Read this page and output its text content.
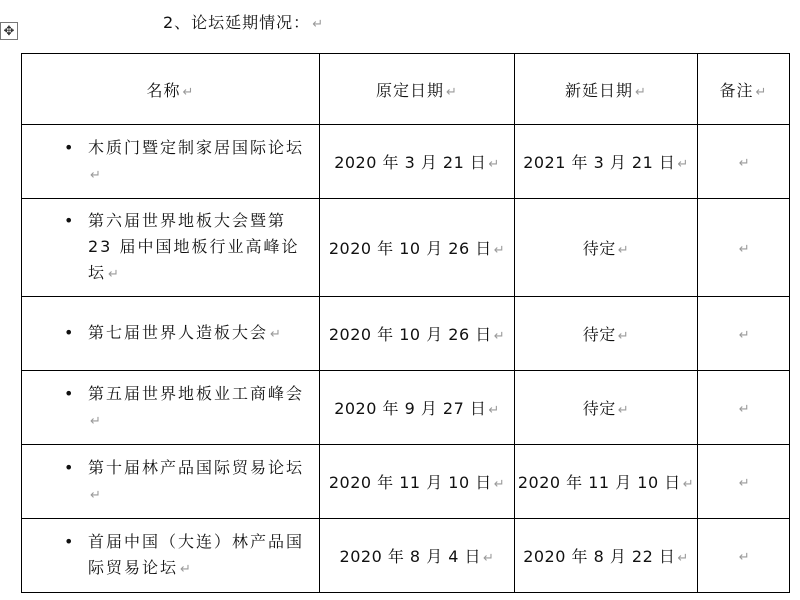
2、论坛延期情况： ↵
✥
名称 ↵	原定日期 ↵	新延日期 ↵	备注 ↵
• 木质门暨定制家居国际论坛↵	2020 年 3 月 21 日 ↵	2021 年 3 月 21 日 ↵	↵
• 第六届世界地板大会暨第 23 届中国地板行业高峰论坛 ↵	2020 年 10 月 26 日 ↵	待定 ↵	↵
• 第七届世界人造板大会 ↵	2020 年 10 月 26 日 ↵	待定 ↵	↵
• 第五届世界地板业工商峰会↵	2020 年 9 月 27 日 ↵	待定 ↵	↵
• 第十届林产品国际贸易论坛↵	2020 年 11 月 10 日 ↵	2020 年 11 月 10 日 ↵	↵
• 首届中国（大连）林产品国际贸易论坛 ↵	2020 年 8 月 4 日 ↵	2020 年 8 月 22 日 ↵	↵
